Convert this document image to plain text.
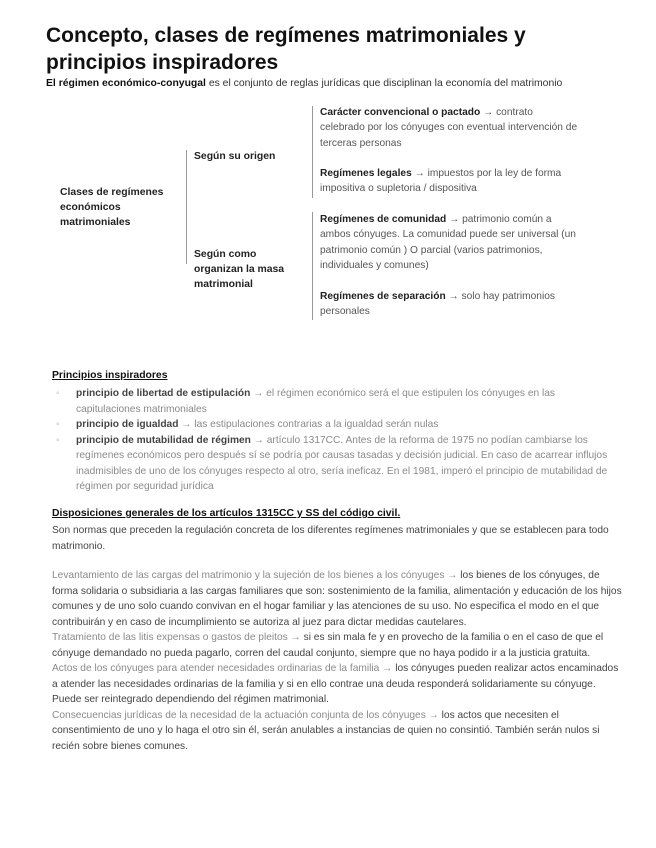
Concepto, clases de regímenes matrimoniales y principios inspiradores
El régimen económico-conyugal es el conjunto de reglas jurídicas que disciplinan la economía del matrimonio
Clases de regímenes económicos matrimoniales
Según su origen
Según como organizan la masa matrimonial
Carácter convencional o pactado → contrato celebrado por los cónyuges con eventual intervención de terceras personas
Regímenes legales → impuestos por la ley de forma impositiva o supletoria / dispositiva
Regímenes de comunidad → patrimonio común a ambos cónyuges. La comunidad puede ser universal (un patrimonio común ) O parcial (varios patrimonios, individuales y comunes)
Regímenes de separación → solo hay patrimonios personales
Principios inspiradores
◦ principio de libertad de estipulación → el régimen económico será el que estipulen los cónyuges en las capitulaciones matrimoniales
◦ principio de igualdad → las estipulaciones contrarias a la igualdad serán nulas
◦ principio de mutabilidad de régimen → artículo 1317CC. Antes de la reforma de 1975 no podían cambiarse los regímenes económicos pero después sí se podría por causas tasadas y decisión judicial. En caso de acarrear influjos inadmisibles de uno de los cónyuges respecto al otro, sería ineficaz. En el 1981, imperó el principio de mutabilidad de régimen por seguridad jurídica
Disposiciones generales de los artículos 1315CC y SS del código civil.
Son normas que preceden la regulación concreta de los diferentes regímenes matrimoniales y que se establecen para todo matrimonio.

Levantamiento de las cargas del matrimonio y la sujeción de los bienes a los cónyuges → los bienes de los cónyuges, de forma solidaria o subsidiaria a las cargas familiares que son: sostenimiento de la familia, alimentación y educación de los hijos comunes y de uno solo cuando convivan en el hogar familiar y las atenciones de su uso. No especifica el modo en el que contribuirán y en caso de incumplimiento se autoriza al juez para dictar medidas cautelares.

Tratamiento de las litis expensas o gastos de pleitos → si es sin mala fe y en provecho de la familia o en el caso de que el cónyuge demandado no pueda pagarlo, corren del caudal conjunto, siempre que no haya podido ir a la justicia gratuita.

Actos de los cónyuges para atender necesidades ordinarias de la familia → los cónyuges pueden realizar actos encaminados a atender las necesidades ordinarias de la familia y si en ello contrae una deuda responderá solidariamente su cónyuge. Puede ser reintegrado dependiendo del régimen matrimonial.

Consecuencias jurídicas de la necesidad de la actuación conjunta de los cónyuges → los actos que necesiten el consentimiento de uno y lo haga el otro sin él, serán anulables a instancias de quien no consintió. También serán nulos si recién sobre bienes comunes.
